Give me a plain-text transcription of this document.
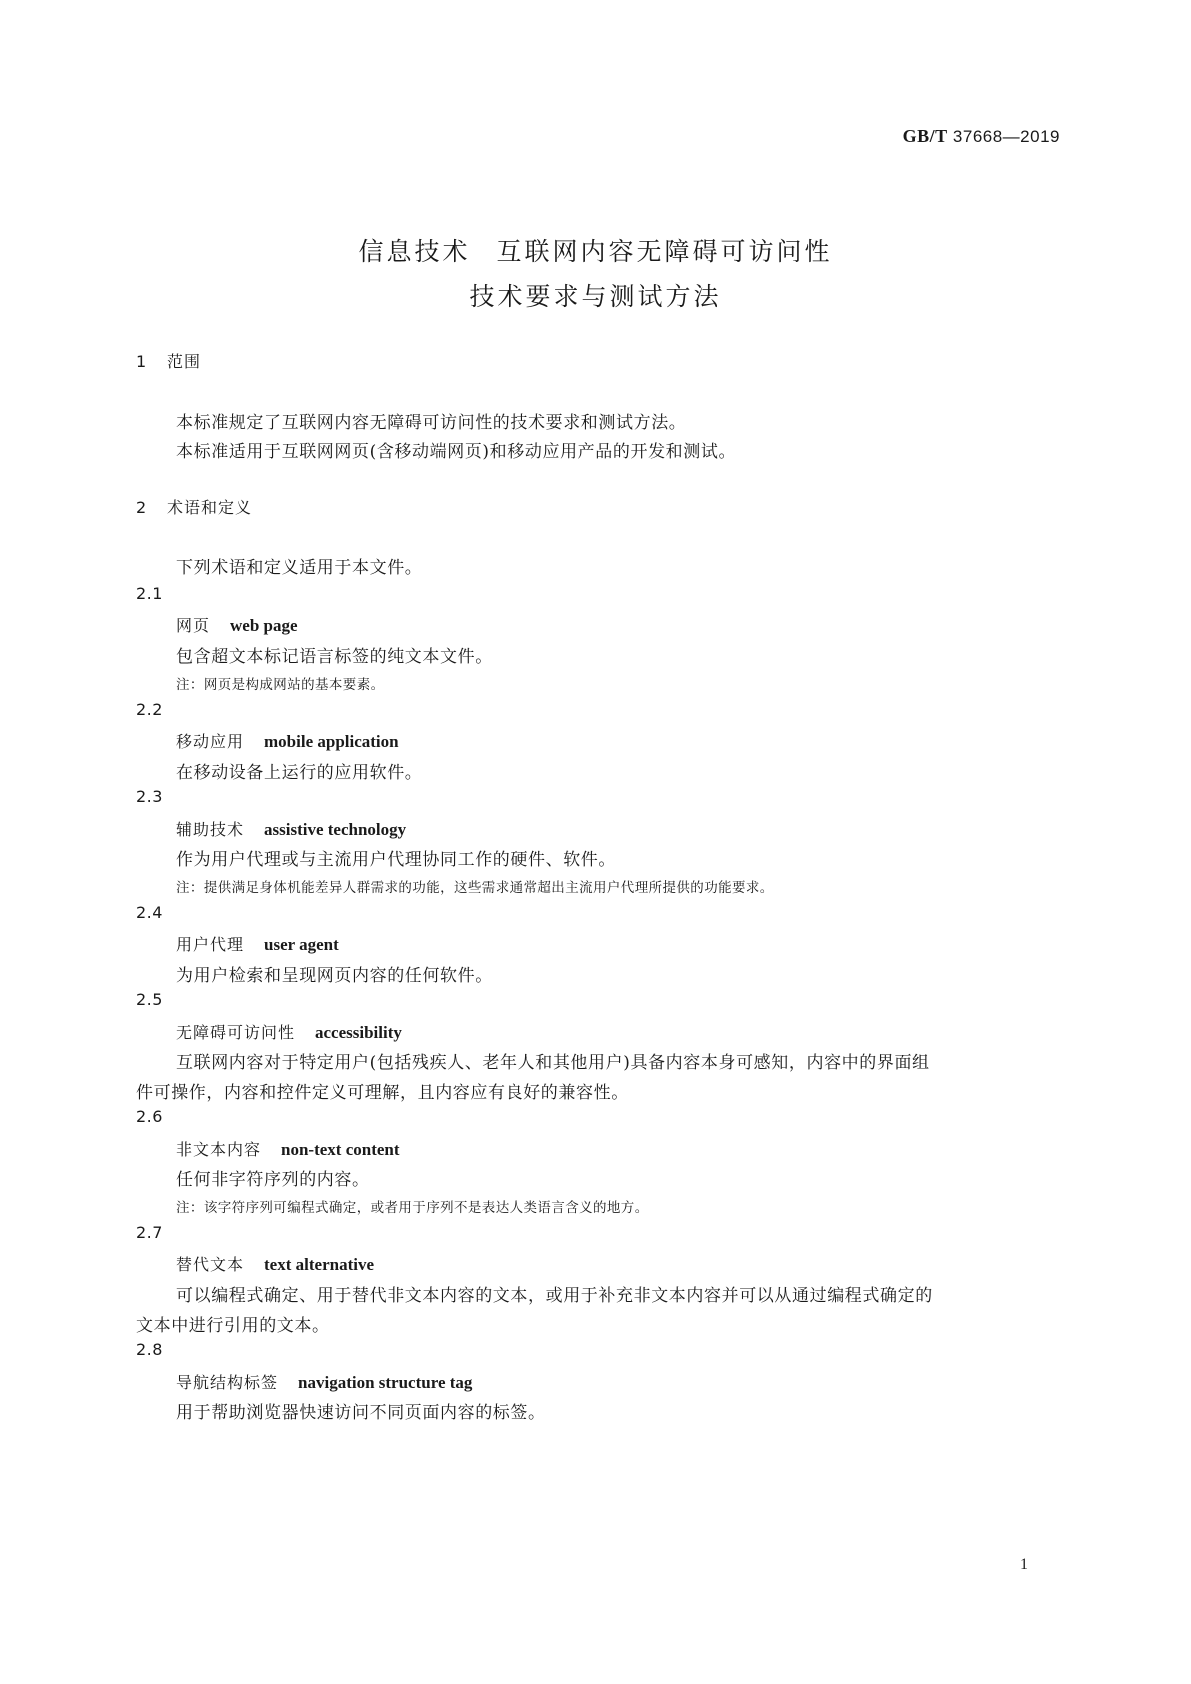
GB/T 37668—2019
信息技术 互联网内容无障碍可访问性
技术要求与测试方法
1 范围
本标准规定了互联网内容无障碍可访问性的技术要求和测试方法。
本标准适用于互联网网页(含移动端网页)和移动应用产品的开发和测试。
2 术语和定义
下列术语和定义适用于本文件。
2.1
网页 web page
包含超文本标记语言标签的纯文本文件。
注：网页是构成网站的基本要素。
2.2
移动应用 mobile application
在移动设备上运行的应用软件。
2.3
辅助技术 assistive technology
作为用户代理或与主流用户代理协同工作的硬件、软件。
注：提供满足身体机能差异人群需求的功能，这些需求通常超出主流用户代理所提供的功能要求。
2.4
用户代理 user agent
为用户检索和呈现网页内容的任何软件。
2.5
无障碍可访问性 accessibility
互联网内容对于特定用户(包括残疾人、老年人和其他用户)具备内容本身可感知，内容中的界面组
件可操作，内容和控件定义可理解，且内容应有良好的兼容性。
2.6
非文本内容 non-text content
任何非字符序列的内容。
注：该字符序列可编程式确定，或者用于序列不是表达人类语言含义的地方。
2.7
替代文本 text alternative
可以编程式确定、用于替代非文本内容的文本，或用于补充非文本内容并可以从通过编程式确定的
文本中进行引用的文本。
2.8
导航结构标签 navigation structure tag
用于帮助浏览器快速访问不同页面内容的标签。
1
